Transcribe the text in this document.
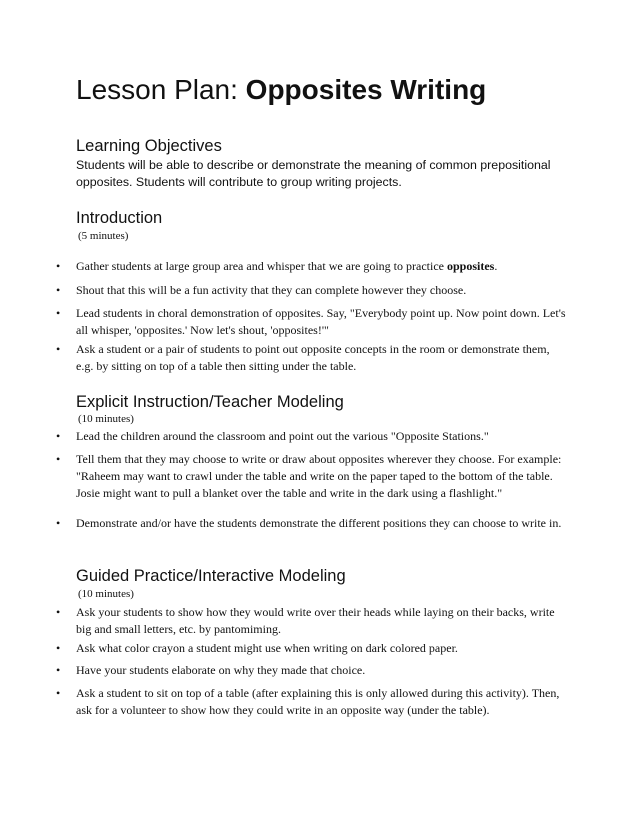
Lesson Plan: Opposites Writing
Learning Objectives

Students will be able to describe or demonstrate the meaning of common prepositional opposites. Students will contribute to group writing projects.

Introduction

(5 minutes)

•	Gather students at large group area and whisper that we are going to practice opposites.
•	Shout that this will be a fun activity that they can complete however they choose.
•	Lead students in choral demonstration of opposites. Say, "Everybody point up. Now point down. Let's all whisper, 'opposites.' Now let's shout, 'opposites!'"
•	Ask a student or a pair of students to point out opposite concepts in the room or demonstrate them, e.g. by sitting on top of a table then sitting under the table.
Explicit Instruction/Teacher Modeling

(10 minutes)

•	Lead the children around the classroom and point out the various "Opposite Stations."
•	Tell them that they may choose to write or draw about opposites wherever they choose. For example: "Raheem may want to crawl under the table and write on the paper taped to the bottom of the table. Josie might want to pull a blanket over the table and write in the dark using a flashlight."
•	Demonstrate and/or have the students demonstrate the different positions they can choose to write in.
Guided Practice/Interactive Modeling

(10 minutes)

•	Ask your students to show how they would write over their heads while laying on their backs, write big and small letters, etc. by pantomiming.
•	Ask what color crayon a student might use when writing on dark colored paper.
•	Have your students elaborate on why they made that choice.
•	Ask a student to sit on top of a table (after explaining this is only allowed during this activity). Then, ask for a volunteer to show how they could write in an opposite way (under the table).
